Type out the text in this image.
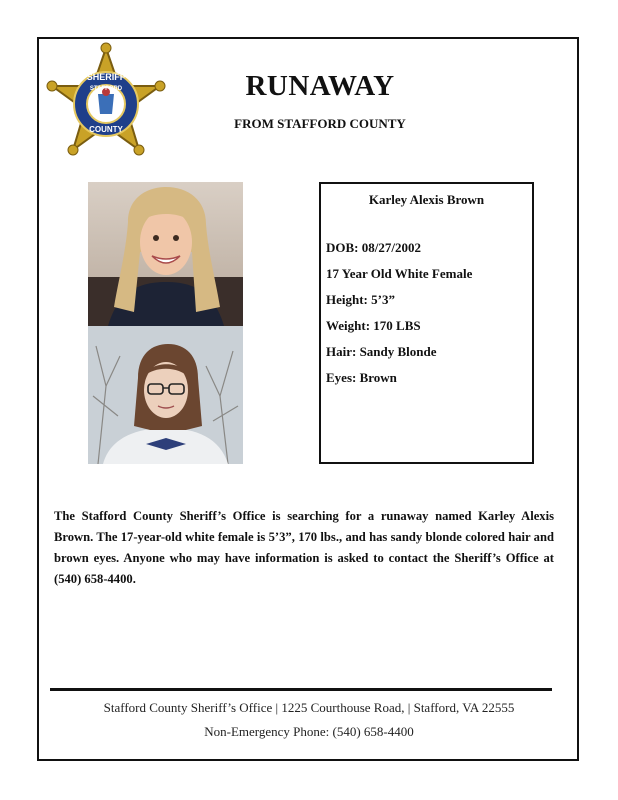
SHERIFF
STAFFORD
COUNTY
RUNAWAY
FROM STAFFORD COUNTY
Karley Alexis Brown
DOB: 08/27/2002
17 Year Old White Female
Height: 5’3”
Weight: 170 LBS
Hair: Sandy Blonde
Eyes: Brown
The Stafford County Sheriff’s Office is searching for a runaway named Karley Alexis Brown. The 17-year-old white female is 5’3”, 170 lbs., and has sandy blonde colored hair and brown eyes. Anyone who may have information is asked to contact the Sheriff’s Office at (540) 658-4400.
Stafford County Sheriff’s Office | 1225 Courthouse Road, | Stafford, VA 22555
Non-Emergency Phone: (540) 658-4400
